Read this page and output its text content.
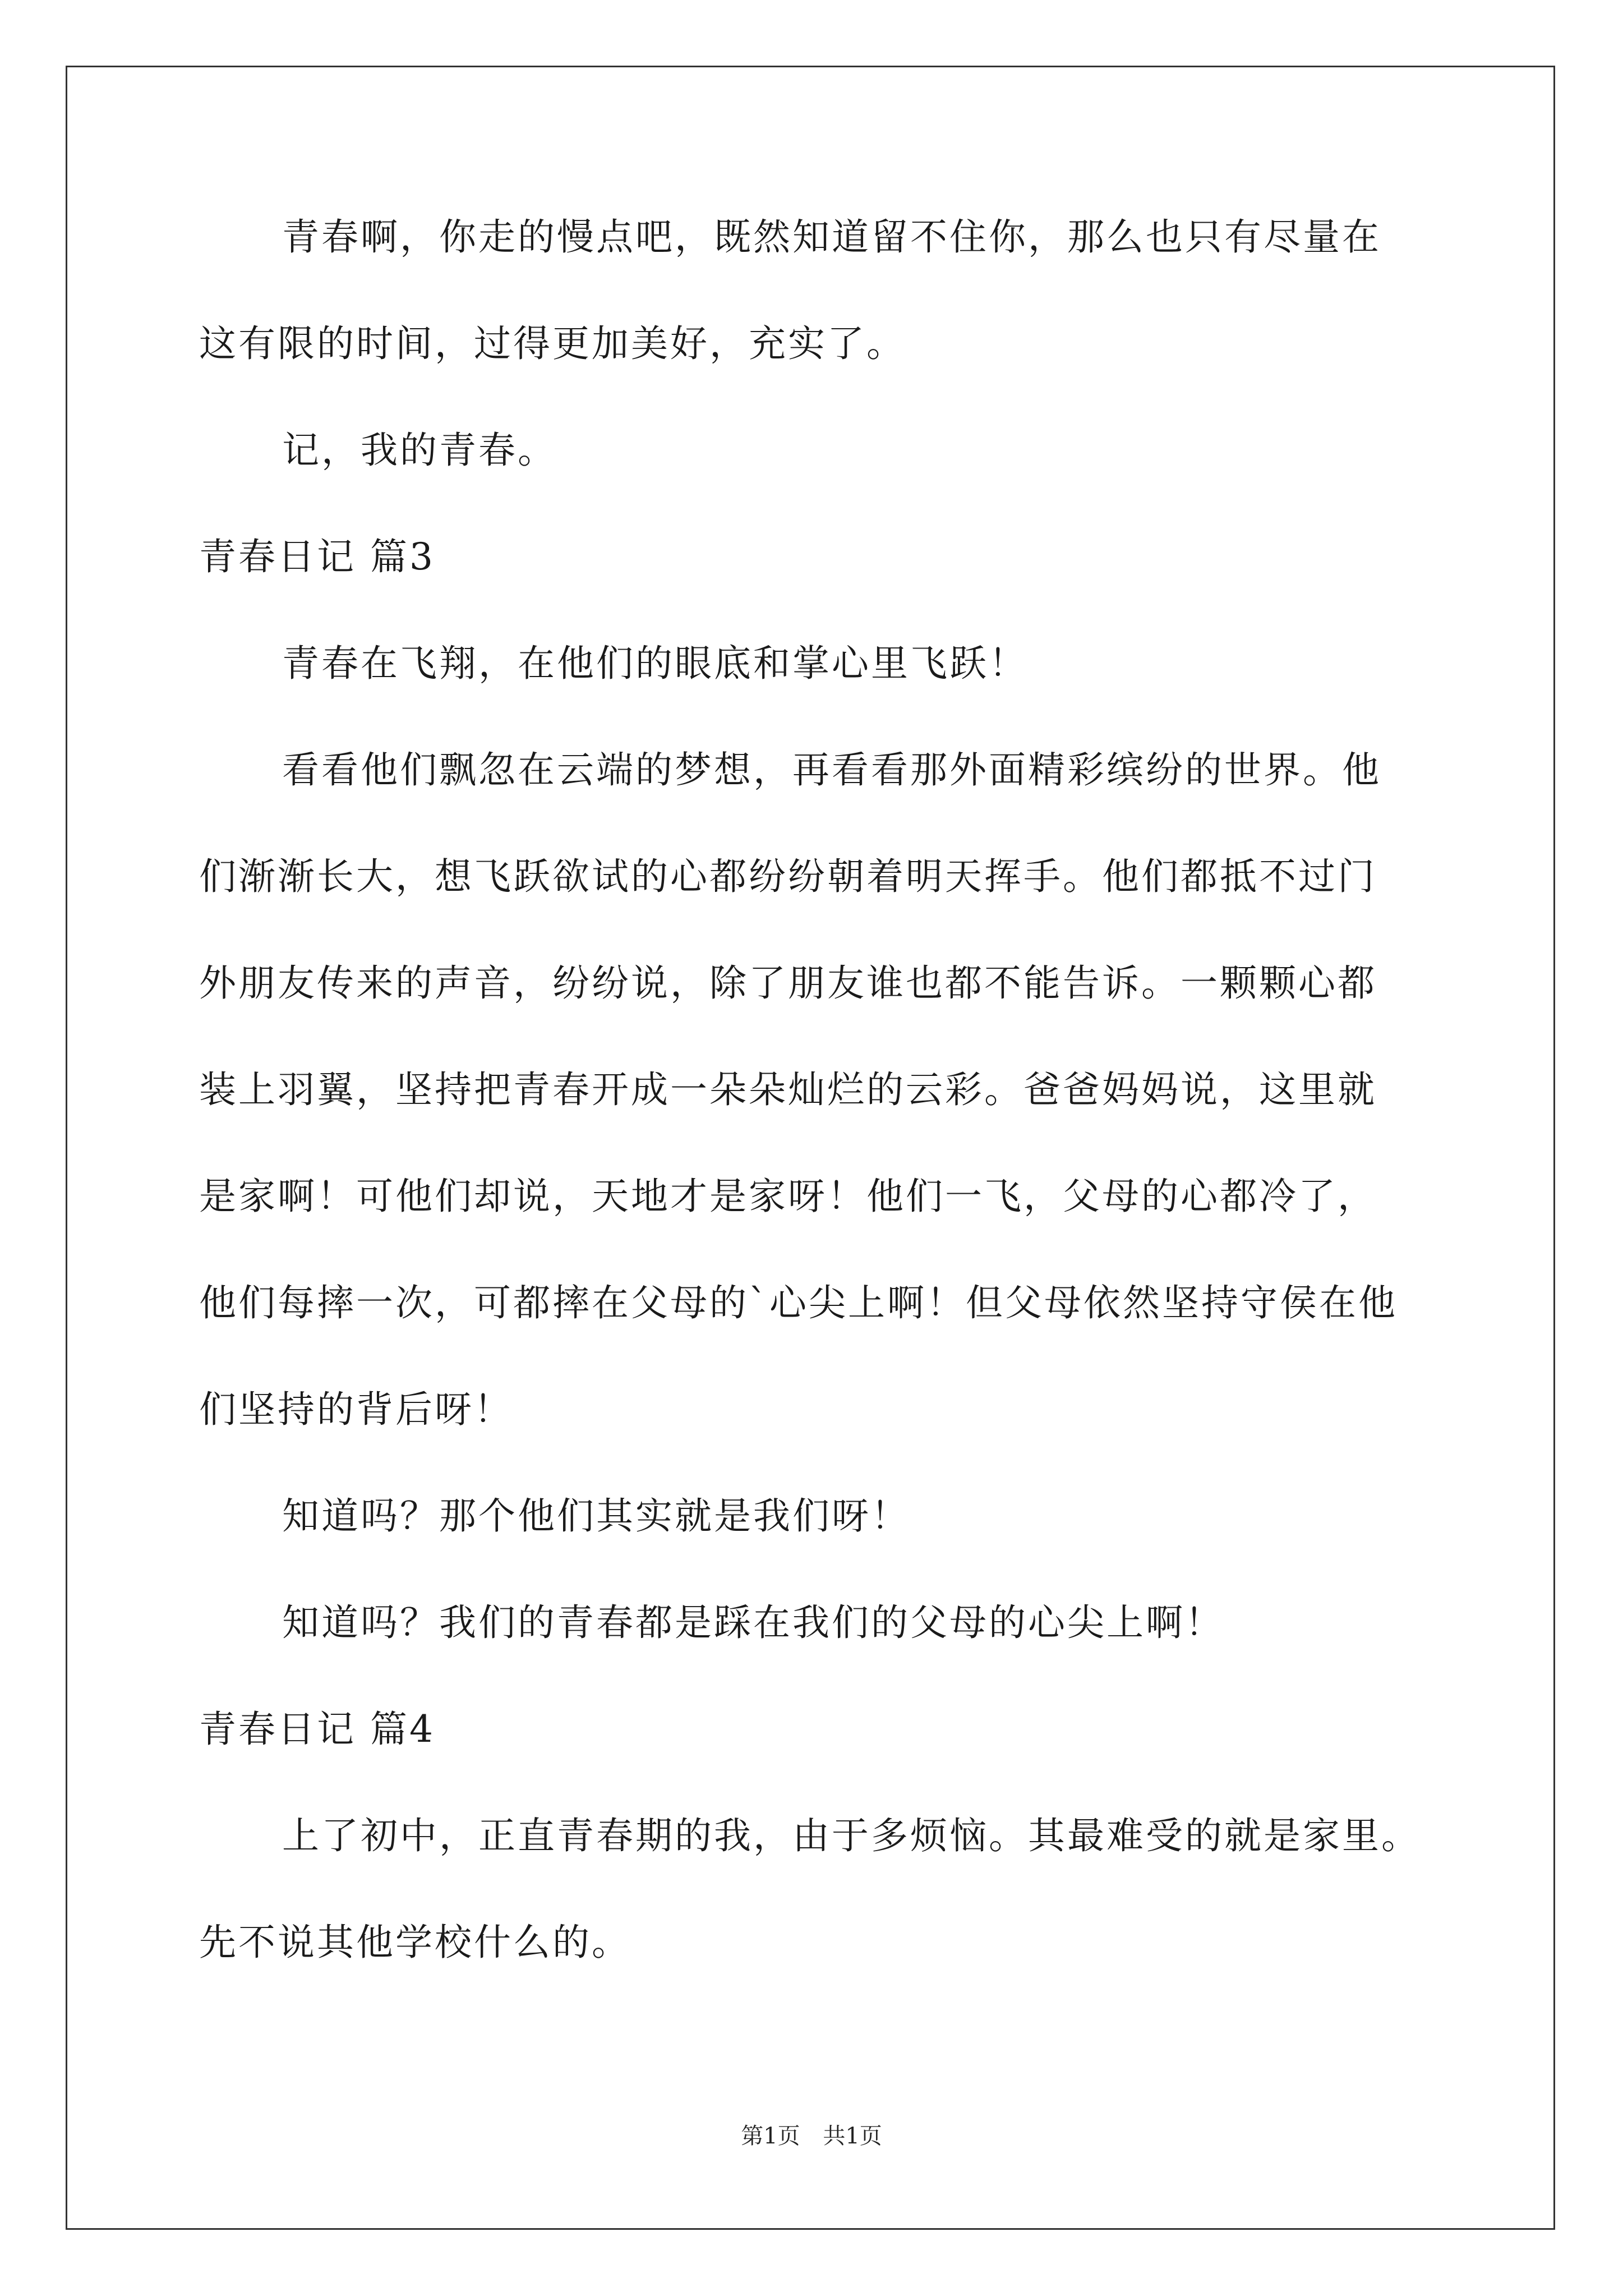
青春啊，你走的慢点吧，既然知道留不住你，那么也只有尽量在
这有限的时间，过得更加美好，充实了。
记，我的青春。
青春日记 篇3
青春在飞翔，在他们的眼底和掌心里飞跃！
看看他们飘忽在云端的梦想，再看看那外面精彩缤纷的世界。他
们渐渐长大，想飞跃欲试的心都纷纷朝着明天挥手。他们都抵不过门
外朋友传来的声音，纷纷说，除了朋友谁也都不能告诉。一颗颗心都
装上羽翼，坚持把青春开成一朵朵灿烂的云彩。爸爸妈妈说，这里就
是家啊！可他们却说，天地才是家呀！他们一飞，父母的心都冷了，
他们每摔一次，可都摔在父母的`心尖上啊！但父母依然坚持守侯在他
们坚持的背后呀！
知道吗？那个他们其实就是我们呀！
知道吗？我们的青春都是踩在我们的父母的心尖上啊！
青春日记 篇4
上了初中，正直青春期的我，由于多烦恼。其最难受的就是家里。
先不说其他学校什么的。
第1页 共1页
